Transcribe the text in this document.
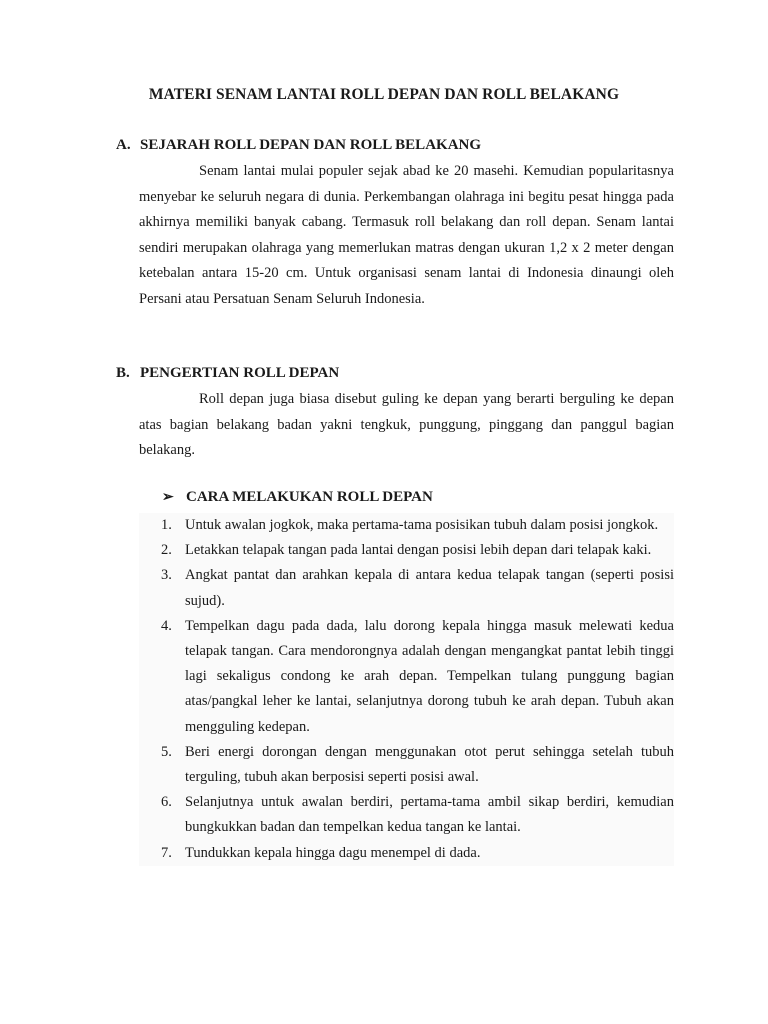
MATERI SENAM LANTAI ROLL DEPAN DAN ROLL BELAKANG
A. SEJARAH ROLL DEPAN DAN ROLL BELAKANG

Senam lantai mulai populer sejak abad ke 20 masehi. Kemudian popularitasnya menyebar ke seluruh negara di dunia. Perkembangan olahraga ini begitu pesat hingga pada akhirnya memiliki banyak cabang. Termasuk roll belakang dan roll depan. Senam lantai sendiri merupakan olahraga yang memerlukan matras dengan ukuran 1,2 x 2 meter dengan ketebalan antara 15-20 cm. Untuk organisasi senam lantai di Indonesia dinaungi oleh Persani atau Persatuan Senam Seluruh Indonesia.

B. PENGERTIAN ROLL DEPAN

Roll depan juga biasa disebut guling ke depan yang berarti berguling ke depan atas bagian belakang badan yakni tengkuk, punggung, pinggang dan panggul bagian belakang.

➢ CARA MELAKUKAN ROLL DEPAN
1. Untuk awalan jogkok, maka pertama-tama posisikan tubuh dalam posisi jongkok.
2. Letakkan telapak tangan pada lantai dengan posisi lebih depan dari telapak kaki.
3. Angkat pantat dan arahkan kepala di antara kedua telapak tangan (seperti posisi sujud).
4. Tempelkan dagu pada dada, lalu dorong kepala hingga masuk melewati kedua telapak tangan. Cara mendorongnya adalah dengan mengangkat pantat lebih tinggi lagi sekaligus condong ke arah depan. Tempelkan tulang punggung bagian atas/pangkal leher ke lantai, selanjutnya dorong tubuh ke arah depan. Tubuh akan mengguling kedepan.
5. Beri energi dorongan dengan menggunakan otot perut sehingga setelah tubuh terguling, tubuh akan berposisi seperti posisi awal.
6. Selanjutnya untuk awalan berdiri, pertama-tama ambil sikap berdiri, kemudian bungkukkan badan dan tempelkan kedua tangan ke lantai.
7. Tundukkan kepala hingga dagu menempel di dada.
